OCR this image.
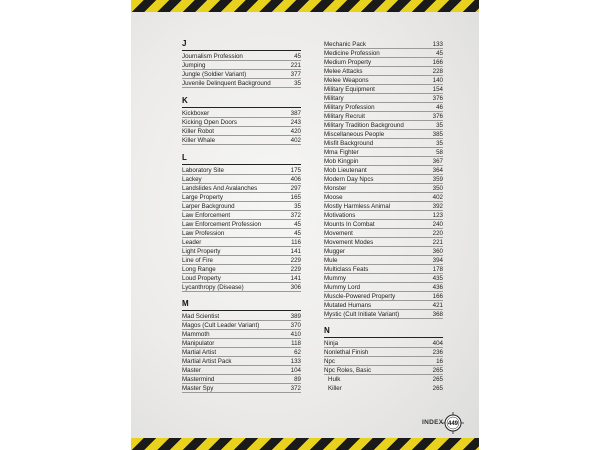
J
Journalism Profession	45
Jumping	221
Jungle (Soldier Variant)	377
Juvenile Delinquent Background	35
K
Kickboxer	387
Kicking Open Doors	243
Killer Robot	420
Killer Whale	402
L
Laboratory Site	175
Lackey	406
Landslides And Avalanches	297
Large Property	165
Larper Background	35
Law Enforcement	372
Law Enforcement Profession	45
Law Profession	45
Leader	116
Light Property	141
Line of Fire	229
Long Range	229
Loud Property	141
Lycanthropy (Disease)	306
M
Mad Scientist	389
Magos (Cult Leader Variant)	370
Mammoth	410
Manipulator	118
Martial Artist	62
Martial Artist Pack	133
Master	104
Mastermind	89
Master Spy	372
Mechanic Pack	133
Medicine Profession	45
Medium Property	166
Melee Attacks	228
Melee Weapons	140
Military Equipment	154
Military	376
Military Profession	46
Military Recruit	376
Military Tradition Background	35
Miscellaneous People	385
Misfit Background	35
Mma Fighter	58
Mob Kingpin	367
Mob Lieutenant	364
Modern Day Npcs	359
Monster	350
Moose	402
Mostly Harmless Animal	392
Motivations	123
Mounts In Combat	240
Movement	220
Movement Modes	221
Mugger	360
Mule	394
Multiclass Feats	178
Mummy	435
Mummy Lord	436
Muscle-Powered Property	166
Mutated Humans	421
Mystic (Cult Initiate Variant)	368
N
Ninja	404
Nonlethal Finish	236
Npc	16
Npc Roles, Basic	265
Hulk	265
Killer	265
INDEX 449
